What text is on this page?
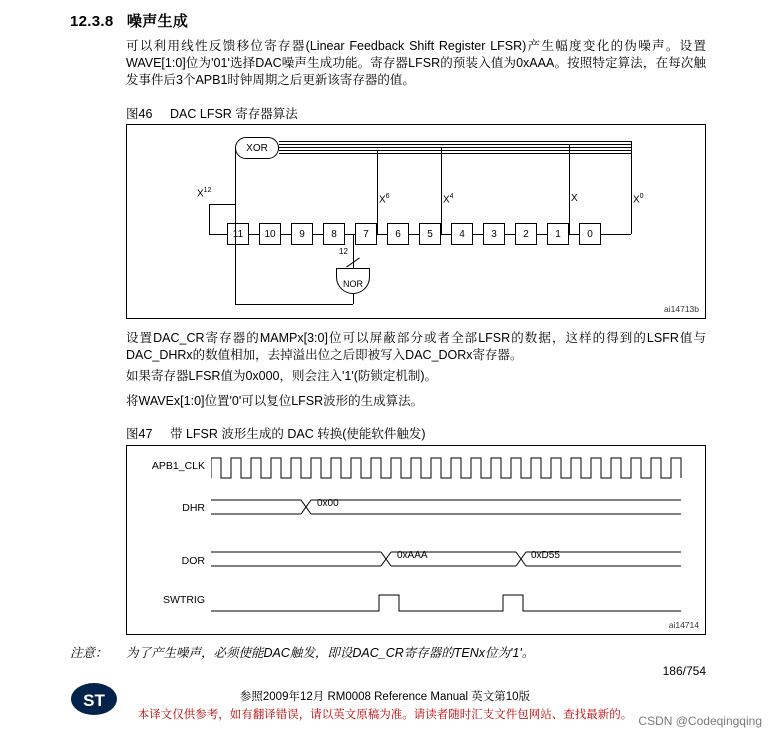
12.3.8 噪声生成
可以利用线性反馈移位寄存器(Linear Feedback Shift Register LFSR)产生幅度变化的伪噪声。设置WAVE[1:0]位为'01'选择DAC噪声生成功能。寄存器LFSR的预装入值为0xAAA。按照特定算法，在每次触发事件后3个APB1时钟周期之后更新该寄存器的值。
图46 DAC LFSR 寄存器算法
XOR
$X^{12}$
11	10	9	8	7	6	5	4	3	2	1	0
$X^6$	$X^4$	X	$X^0$
12
NOR
ai14713b
设置DAC_CR寄存器的MAMPx[3:0]位可以屏蔽部分或者全部LFSR的数据，这样的得到的LSFR值与DAC_DHRx的数值相加，去掉溢出位之后即被写入DAC_DORx寄存器。
如果寄存器LFSR值为0x000，则会注入'1'(防锁定机制)。
将WAVEx[1:0]位置'0'可以复位LFSR波形的生成算法。
图47 带 LFSR 波形生成的 DAC 转换(使能软件触发)
APB1_CLK
DHR
DOR
SWTRIG
0x00
0xAAA	0xD55
ai14714
注意： 为了产生噪声，必须使能DAC触发，即设DAC_CR寄存器的TENx位为'1'。
186/754
ST	参照2009年12月 RM0008 Reference Manual 英文第10版
本译文仅供参考，如有翻译错误，请以英文原稿为准。请读者随时汇支文件包网站、查找最新的。 CSDN @Codeqingqing
